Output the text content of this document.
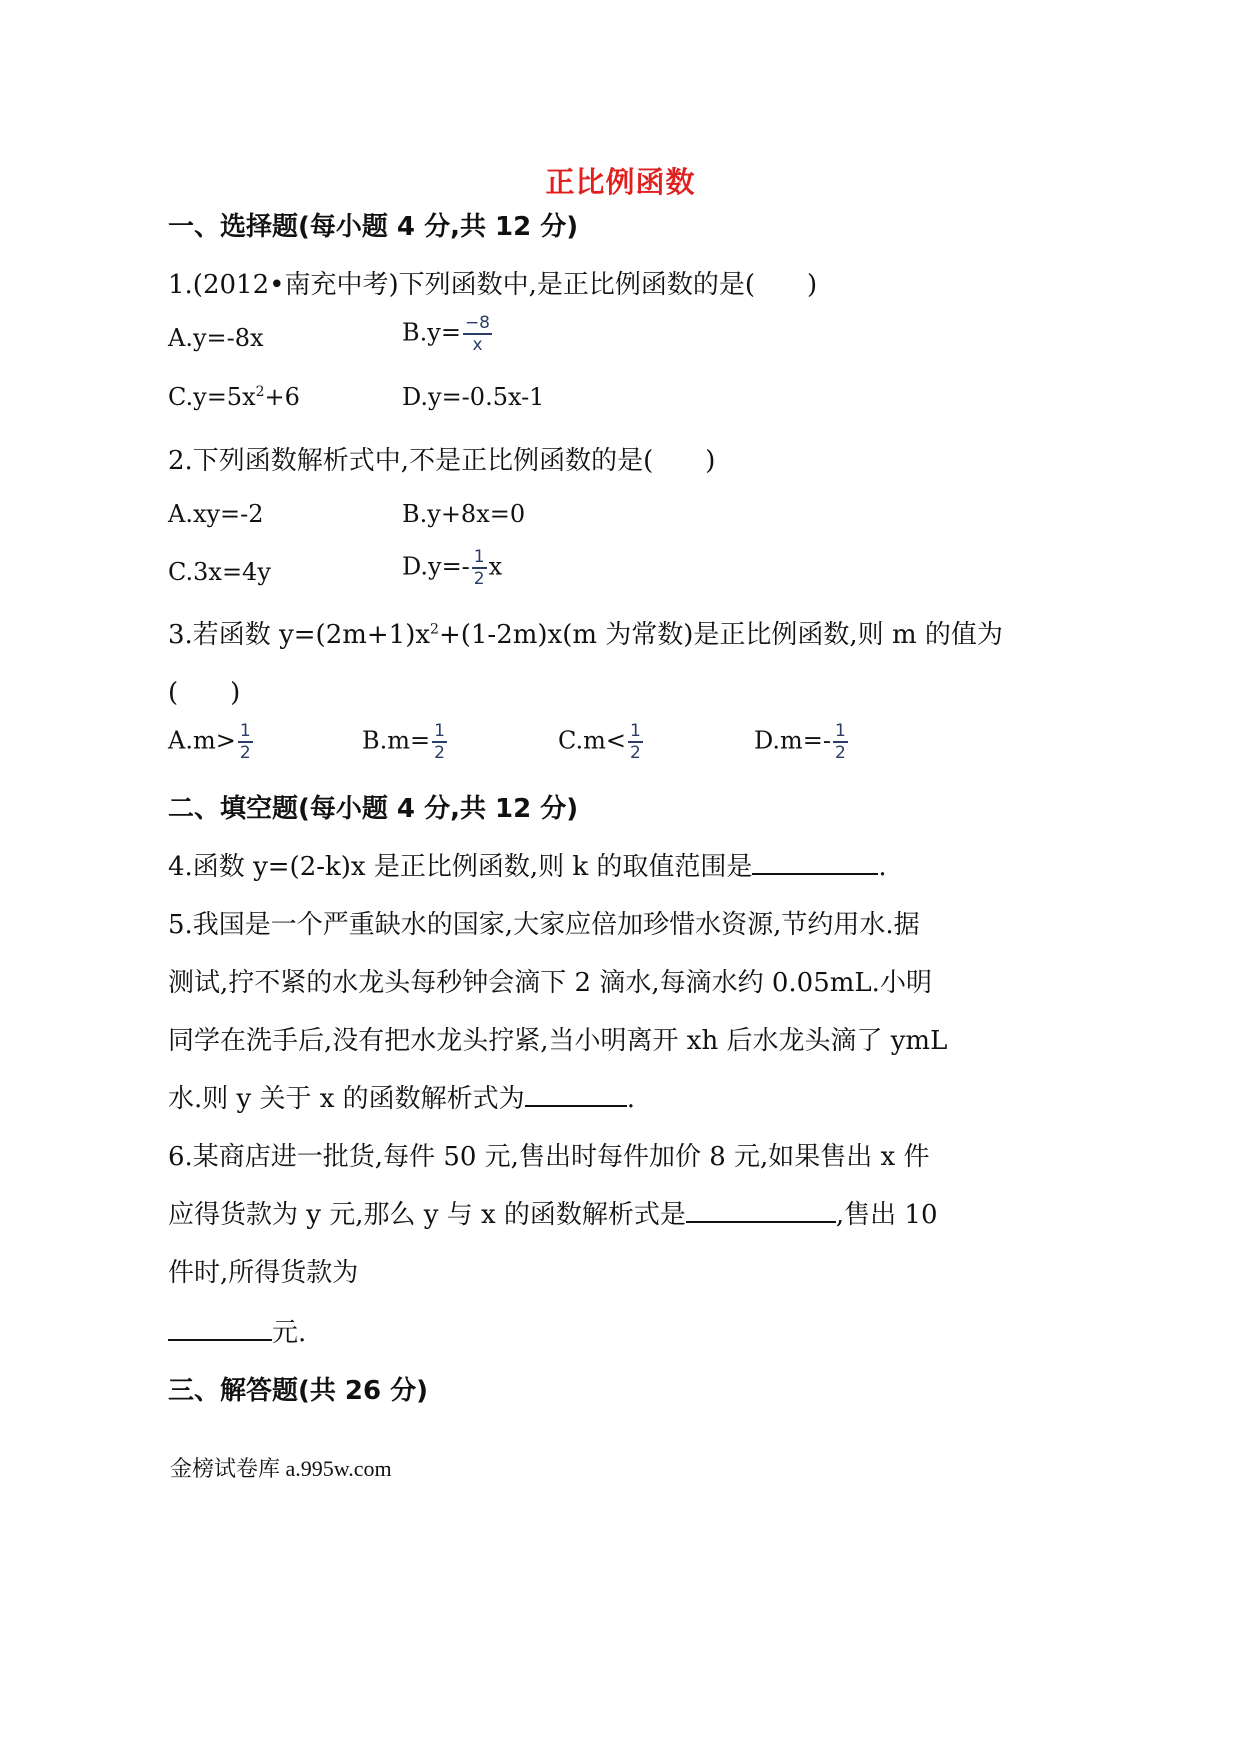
正比例函数
一、选择题(每小题 4 分,共 12 分)
1.(2012•南充中考)下列函数中,是正比例函数的是(　　)
A.y=-8x	$B.y= \frac{-8}{x}$
$C.y=5x^2+6$	D.y=-0.5x-1
2.下列函数解析式中,不是正比例函数的是(　　)
A.xy=-2	B.y+8x=0
C.3x=4y	$D.y=- \frac{1}{2}$ x
3.若函数 $y=(2m+1)x^2+(1-2m)x(m$ 为常数)是正比例函数,则 m 的值为
(　　)
$A.m> \frac{1}{2}$	$B.m= \frac{1}{2}$	$C.m< \frac{1}{2}$	$D.m=- \frac{1}{2}$
二、填空题(每小题 4 分,共 12 分)
4.函数 y=(2-k)x 是正比例函数,则 k 的取值范围是	.
5.我国是一个严重缺水的国家,大家应倍加珍惜水资源,节约用水.据
测试,拧不紧的水龙头每秒钟会滴下 2 滴水,每滴水约 0.05mL.小明
同学在洗手后,没有把水龙头拧紧,当小明离开 xh 后水龙头滴了 ymL
水.则 y 关于 x 的函数解析式为	.
6.某商店进一批货,每件 50 元,售出时每件加价 8 元,如果售出 x 件
应得货款为 y 元,那么 y 与 x 的函数解析式是	,售出 10
件时,所得货款为
元.
三、解答题(共 26 分)
金榜试卷库 a.995w.com
